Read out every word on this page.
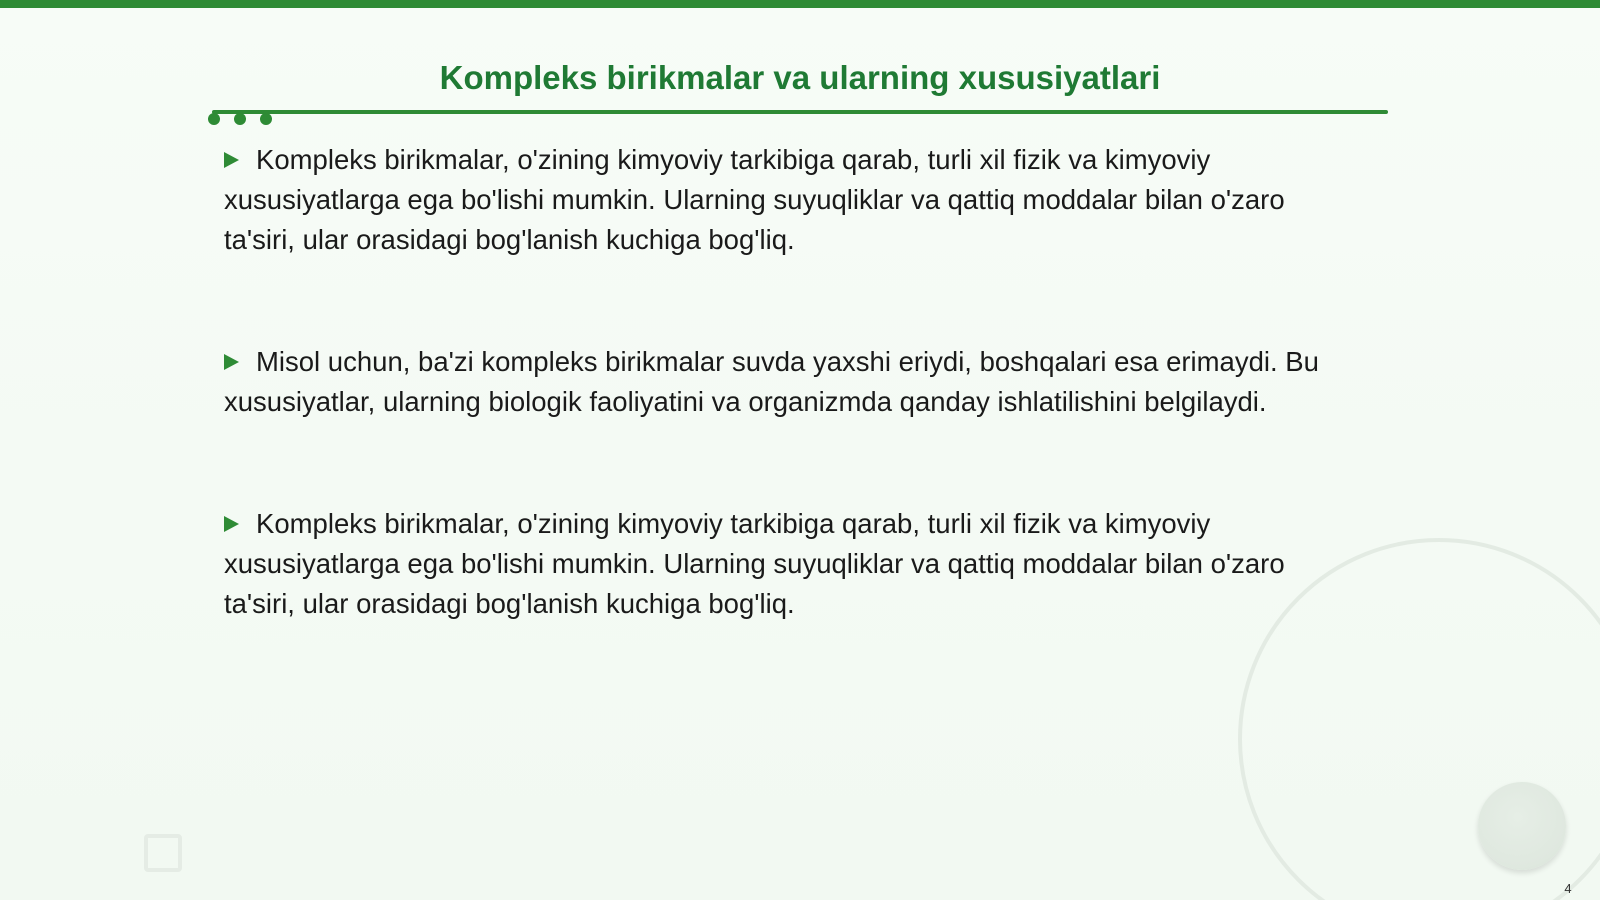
Kompleks birikmalar va ularning xususiyatlari
Kompleks birikmalar, o'zining kimyoviy tarkibiga qarab, turli xil fizik va kimyoviy xususiyatlarga ega bo'lishi mumkin. Ularning suyuqliklar va qattiq moddalar bilan o'zaro ta'siri, ular orasidagi bog'lanish kuchiga bog'liq.
Misol uchun, ba'zi kompleks birikmalar suvda yaxshi eriydi, boshqalari esa erimaydi. Bu xususiyatlar, ularning biologik faoliyatini va organizmda qanday ishlatilishini belgilaydi.
Kompleks birikmalar, o'zining kimyoviy tarkibiga qarab, turli xil fizik va kimyoviy xususiyatlarga ega bo'lishi mumkin. Ularning suyuqliklar va qattiq moddalar bilan o'zaro ta'siri, ular orasidagi bog'lanish kuchiga bog'liq.
4
